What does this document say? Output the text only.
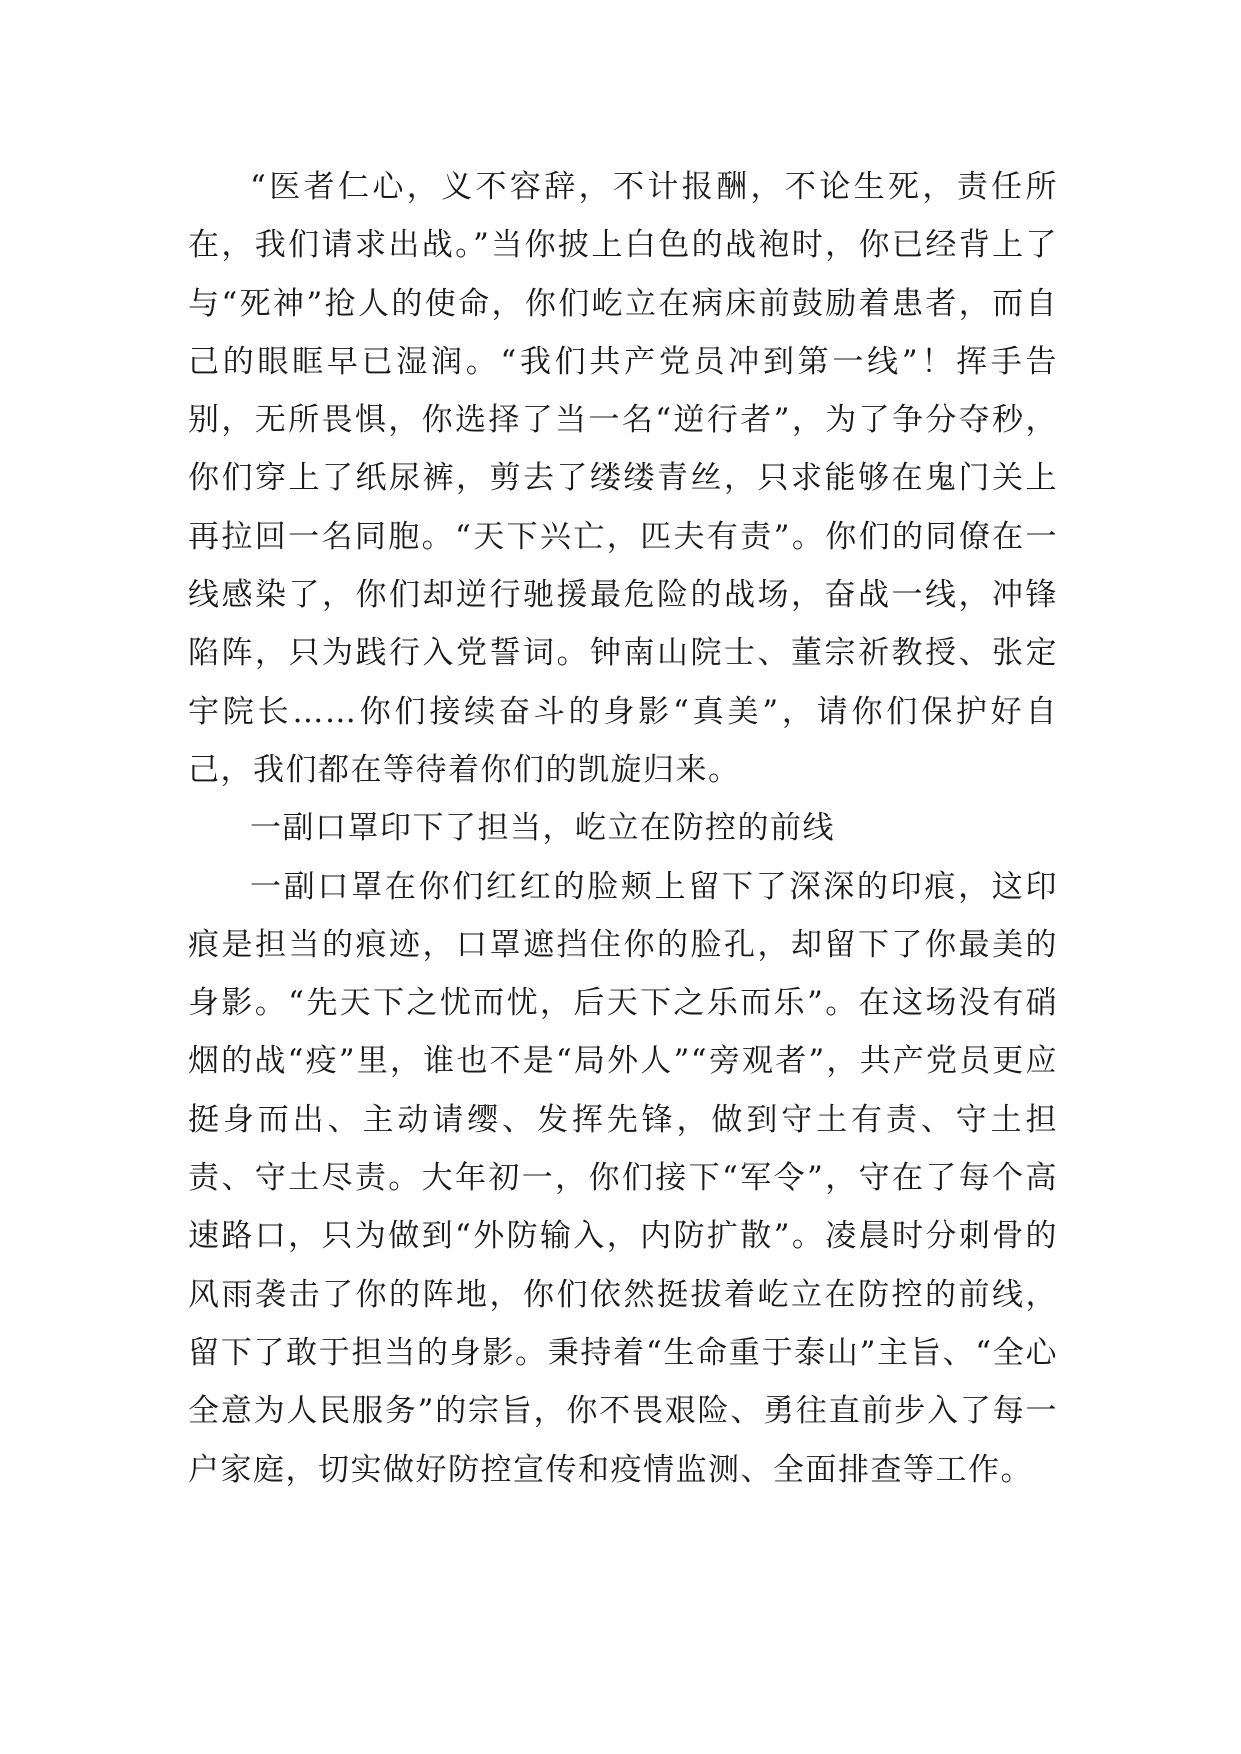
“医者仁心，义不容辞，不计报酬，不论生死，责任所在，我们请求出战。”当你披上白色的战袍时，你已经背上了与“死神”抢人的使命，你们屹立在病床前鼓励着患者，而自己的眼眶早已湿润。“我们共产党员冲到第一线”！挥手告别，无所畏惧，你选择了当一名“逆行者”，为了争分夺秒，你们穿上了纸尿裤，剪去了缕缕青丝，只求能够在鬼门关上再拉回一名同胞。“天下兴亡，匹夫有责”。你们的同僚在一线感染了，你们却逆行驰援最危险的战场，奋战一线，冲锋陷阵，只为践行入党誓词。钟南山院士、董宗祈教授、张定宇院长……你们接续奋斗的身影“真美”，请你们保护好自己，我们都在等待着你们的凯旋归来。

一副口罩印下了担当，屹立在防控的前线

一副口罩在你们红红的脸颊上留下了深深的印痕，这印痕是担当的痕迹，口罩遮挡住你的脸孔，却留下了你最美的身影。“先天下之忧而忧，后天下之乐而乐”。在这场没有硝烟的战“疫”里，谁也不是“局外人”“旁观者”，共产党员更应挺身而出、主动请缨、发挥先锋，做到守土有责、守土担责、守土尽责。大年初一，你们接下“军令”，守在了每个高速路口，只为做到“外防输入，内防扩散”。凌晨时分刺骨的风雨袭击了你的阵地，你们依然挺拔着屹立在防控的前线，留下了敢于担当的身影。秉持着“生命重于泰山”主旨、“全心全意为人民服务”的宗旨，你不畏艰险、勇往直前步入了每一户家庭，切实做好防控宣传和疫情监测、全面排查等工作。
